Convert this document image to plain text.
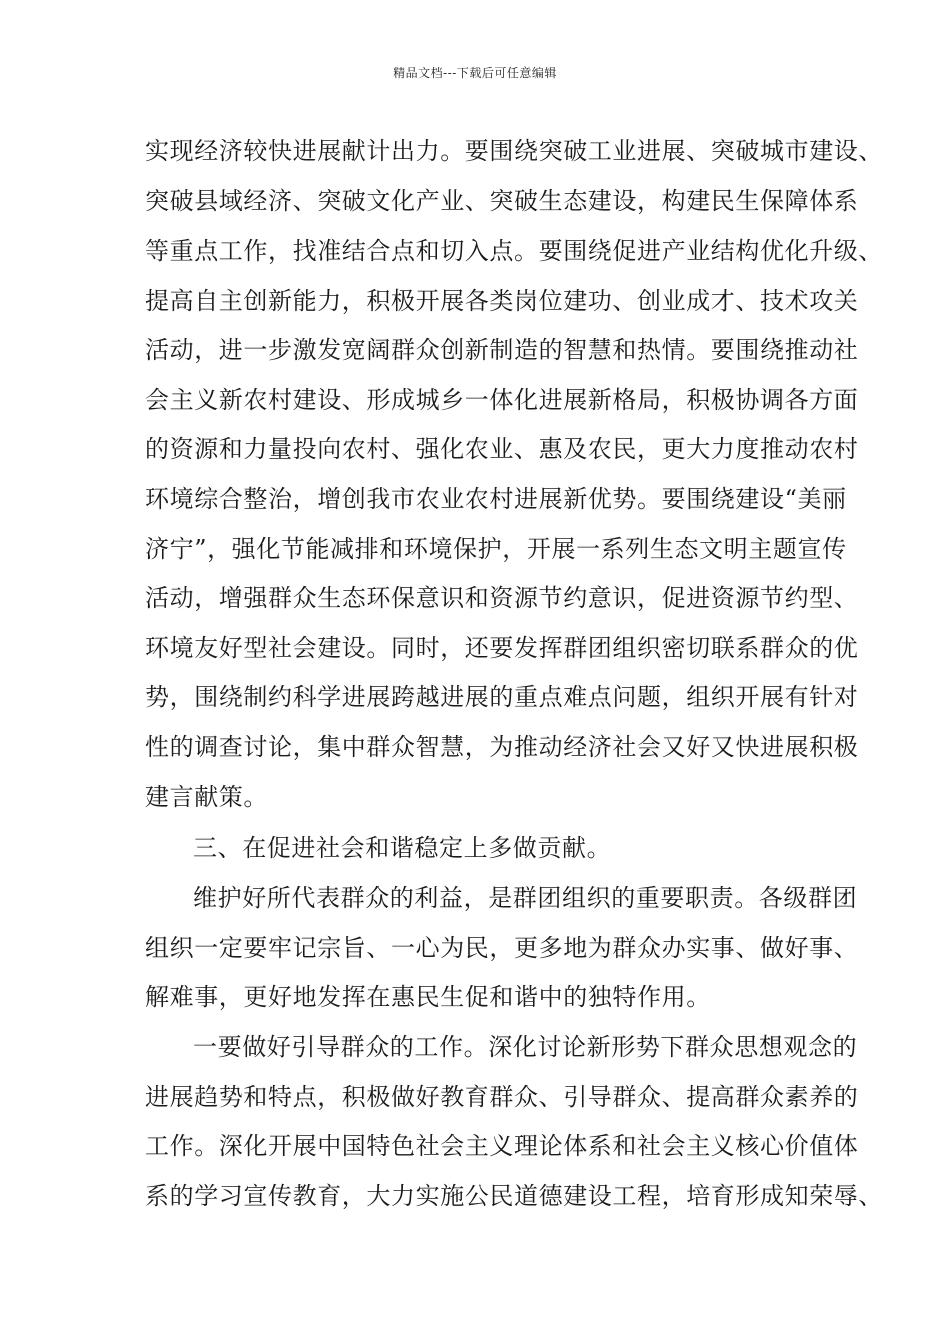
精品文档---下载后可任意编辑
实现经济较快进展献计出力。要围绕突破工业进展、突破城市建设、
突破县域经济、突破文化产业、突破生态建设，构建民生保障体系
等重点工作，找准结合点和切入点。要围绕促进产业结构优化升级、
提高自主创新能力，积极开展各类岗位建功、创业成才、技术攻关
活动，进一步激发宽阔群众创新制造的智慧和热情。要围绕推动社
会主义新农村建设、形成城乡一体化进展新格局，积极协调各方面
的资源和力量投向农村、强化农业、惠及农民，更大力度推动农村
环境综合整治，增创我市农业农村进展新优势。要围绕建设“美丽
济宁”，强化节能减排和环境保护，开展一系列生态文明主题宣传
活动，增强群众生态环保意识和资源节约意识，促进资源节约型、
环境友好型社会建设。同时，还要发挥群团组织密切联系群众的优
势，围绕制约科学进展跨越进展的重点难点问题，组织开展有针对
性的调查讨论，集中群众智慧，为推动经济社会又好又快进展积极
建言献策。
三、在促进社会和谐稳定上多做贡献。
维护好所代表群众的利益，是群团组织的重要职责。各级群团
组织一定要牢记宗旨、一心为民，更多地为群众办实事、做好事、
解难事，更好地发挥在惠民生促和谐中的独特作用。
一要做好引导群众的工作。深化讨论新形势下群众思想观念的
进展趋势和特点，积极做好教育群众、引导群众、提高群众素养的
工作。深化开展中国特色社会主义理论体系和社会主义核心价值体
系的学习宣传教育，大力实施公民道德建设工程，培育形成知荣辱、
